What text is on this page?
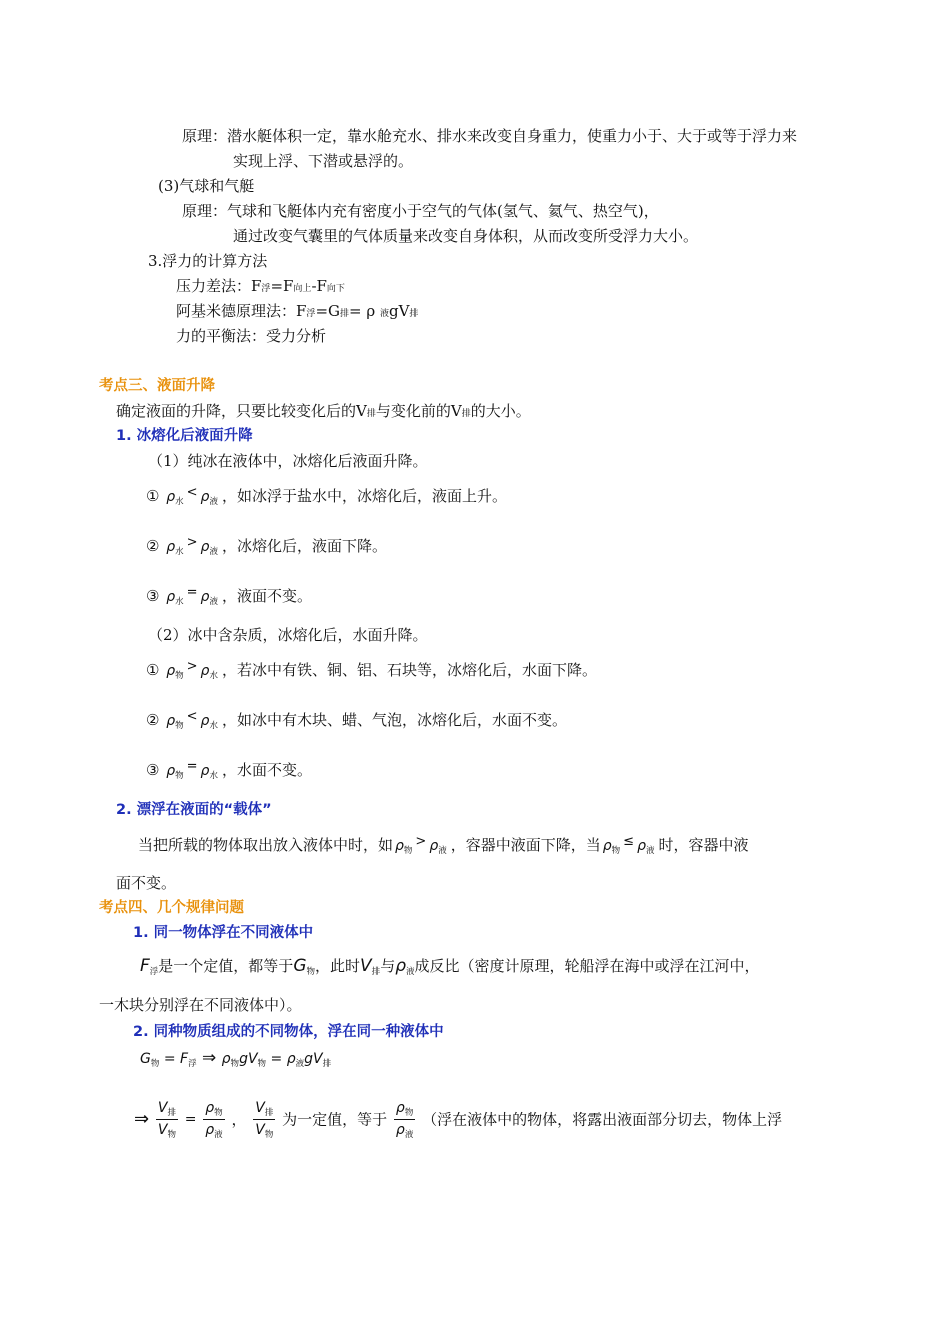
原理：潜水艇体积一定，靠水舱充水、排水来改变自身重力，使重力小于、大于或等于浮力来
实现上浮、下潜或悬浮的。
(3)气球和气艇
原理：气球和飞艇体内充有密度小于空气的气体(氢气、氦气、热空气)，
通过改变气囊里的气体质量来改变自身体积，从而改变所受浮力大小。
3.浮力的计算方法
压力差法：F浮=F向上-F向下
阿基米德原理法：F浮=G排= ρ 液gV排
力的平衡法：受力分析
考点三、液面升降
确定液面的升降，只要比较变化后的V排与变化前的V排的大小。
1. 冰熔化后液面升降
（1）纯冰在液体中，冰熔化后液面升降。
① $\rho_水< \rho_液$ ，如冰浮于盐水中，冰熔化后，液面上升。
② $\rho_水> \rho_液$ ，冰熔化后，液面下降。
③ $\rho_水= \rho_液$ ，液面不变。
（2）冰中含杂质，冰熔化后，水面升降。
① $\rho_物> \rho_水$ ，若冰中有铁、铜、铝、石块等，冰熔化后，水面下降。
② $\rho_物< \rho_水$ ，如冰中有木块、蜡、气泡，冰熔化后，水面不变。
③ $\rho_物= \rho_水$ ，水面不变。
2. 漂浮在液面的“载体”
当把所载的物体取出放入液体中时，如 $\rho_物> \rho_液$ ，容器中液面下降，当 $\rho_物\le \rho_液$ 时，容器中液
面不变。
考点四、几个规律问题
1. 同一物体浮在不同液体中
$F_浮$是一个定值，都等于$G_物$，此时$V_排$与$\rho_液$成反比（密度计原理，轮船浮在海中或浮在江河中，
一木块分别浮在不同液体中）。
2. 同种物质组成的不同物体，浮在同一种液体中
$G_物 = F_浮$ ⇒ $\rho_物gV_物 = \rho_液gV_排$
⇒ $\frac{V_排}{V_物} = \frac{\rho_物}{\rho_液}$ ， $\frac{V_排}{V_物}$ 为一定值，等于 $\frac{\rho_物}{\rho_液}$ （浮在液体中的物体，将露出液面部分切去，物体上浮
